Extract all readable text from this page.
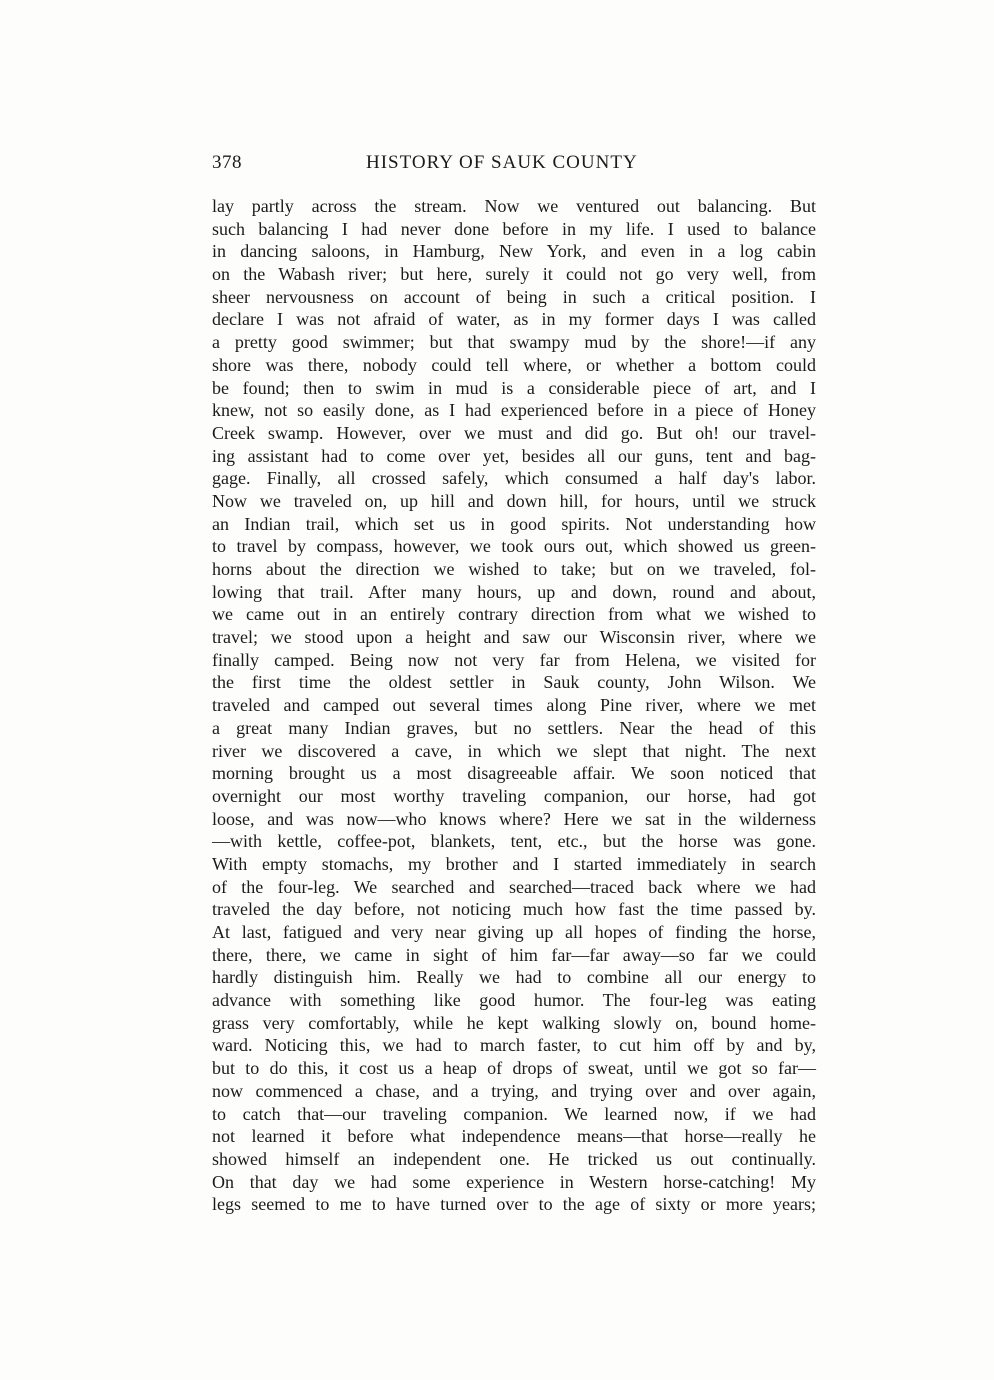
378	HISTORY OF SAUK COUNTY
lay partly across the stream. Now we ventured out balancing. But
such balancing I had never done before in my life. I used to balance
in dancing saloons, in Hamburg, New York, and even in a log cabin
on the Wabash river; but here, surely it could not go very well, from
sheer nervousness on account of being in such a critical position. I
declare I was not afraid of water, as in my former days I was called
a pretty good swimmer; but that swampy mud by the shore!—if any
shore was there, nobody could tell where, or whether a bottom could
be found; then to swim in mud is a considerable piece of art, and I
knew, not so easily done, as I had experienced before in a piece of Honey
Creek swamp. However, over we must and did go. But oh! our travel-
ing assistant had to come over yet, besides all our guns, tent and bag-
gage. Finally, all crossed safely, which consumed a half day's labor.
Now we traveled on, up hill and down hill, for hours, until we struck
an Indian trail, which set us in good spirits. Not understanding how
to travel by compass, however, we took ours out, which showed us green-
horns about the direction we wished to take; but on we traveled, fol-
lowing that trail. After many hours, up and down, round and about,
we came out in an entirely contrary direction from what we wished to
travel; we stood upon a height and saw our Wisconsin river, where we
finally camped. Being now not very far from Helena, we visited for
the first time the oldest settler in Sauk county, John Wilson. We
traveled and camped out several times along Pine river, where we met
a great many Indian graves, but no settlers. Near the head of this
river we discovered a cave, in which we slept that night. The next
morning brought us a most disagreeable affair. We soon noticed that
overnight our most worthy traveling companion, our horse, had got
loose, and was now—who knows where? Here we sat in the wilderness
—with kettle, coffee-pot, blankets, tent, etc., but the horse was gone.
With empty stomachs, my brother and I started immediately in search
of the four-leg. We searched and searched—traced back where we had
traveled the day before, not noticing much how fast the time passed by.
At last, fatigued and very near giving up all hopes of finding the horse,
there, there, we came in sight of him far—far away—so far we could
hardly distinguish him. Really we had to combine all our energy to
advance with something like good humor. The four-leg was eating
grass very comfortably, while he kept walking slowly on, bound home-
ward. Noticing this, we had to march faster, to cut him off by and by,
but to do this, it cost us a heap of drops of sweat, until we got so far—
now commenced a chase, and a trying, and trying over and over again,
to catch that—our traveling companion. We learned now, if we had
not learned it before what independence means—that horse—really he
showed himself an independent one. He tricked us out continually.
On that day we had some experience in Western horse-catching! My
legs seemed to me to have turned over to the age of sixty or more years;
